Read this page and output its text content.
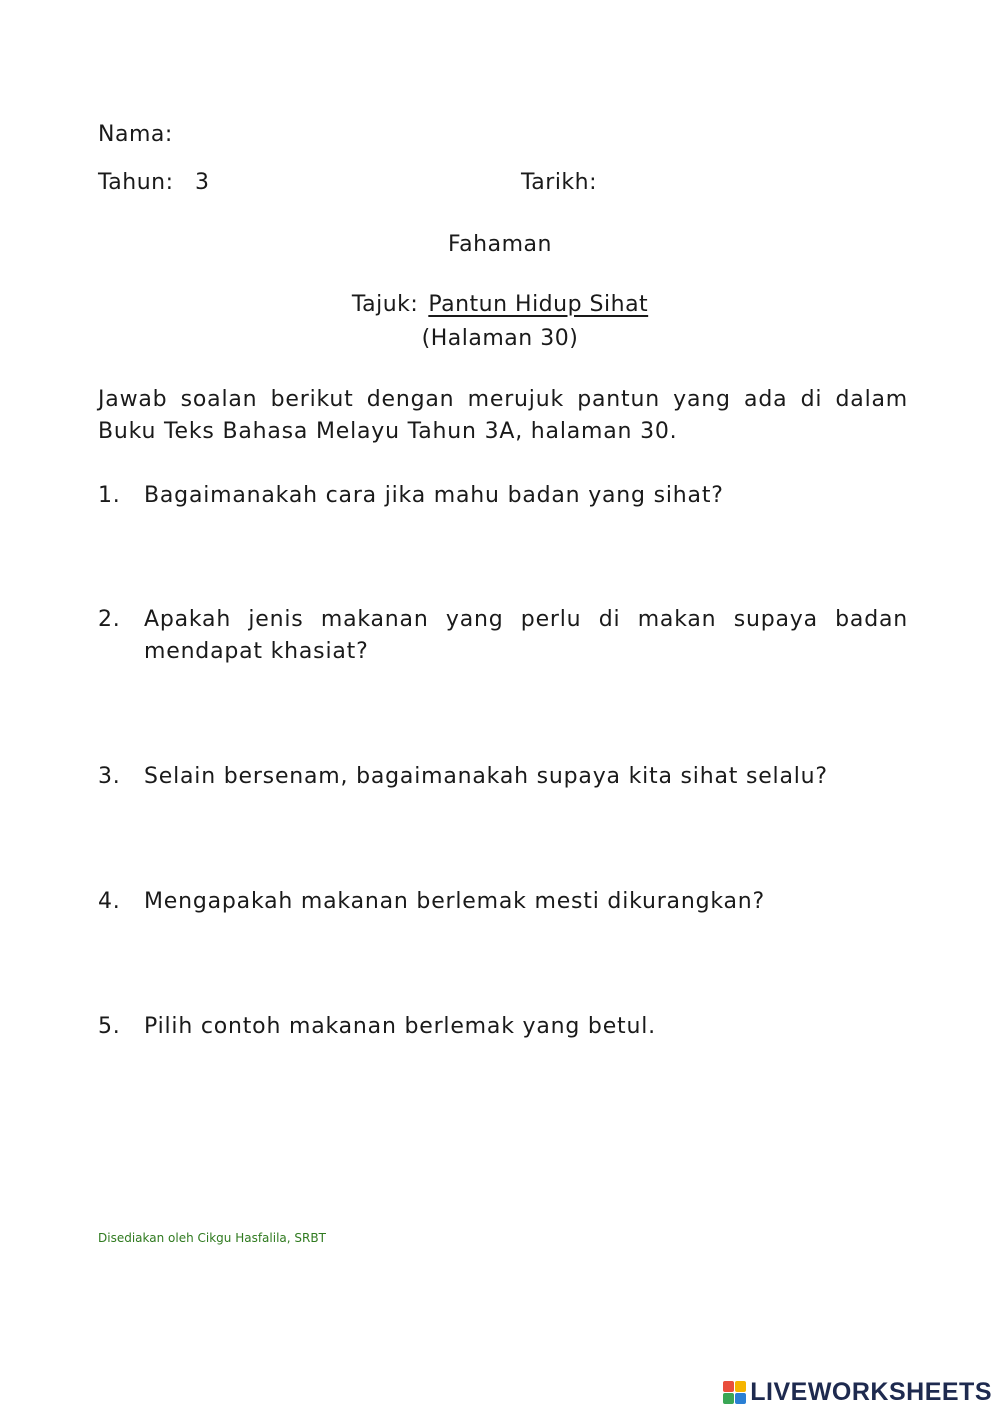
Nama:
Tahun: 3	Tarikh:
Fahaman
Tajuk: Pantun Hidup Sihat
(Halaman 30)
Jawab soalan berikut dengan merujuk pantun yang ada di dalam Buku Teks Bahasa Melayu Tahun 3A, halaman 30.
1.	Bagaimanakah cara jika mahu badan yang sihat?
2.	Apakah jenis makanan yang perlu di makan supaya badan mendapat khasiat?
3.	Selain bersenam, bagaimanakah supaya kita sihat selalu?
4.	Mengapakah makanan berlemak mesti dikurangkan?
5.	Pilih contoh makanan berlemak yang betul.
Disediakan oleh Cikgu Hasfalila, SRBT
LIVEWORKSHEETS
